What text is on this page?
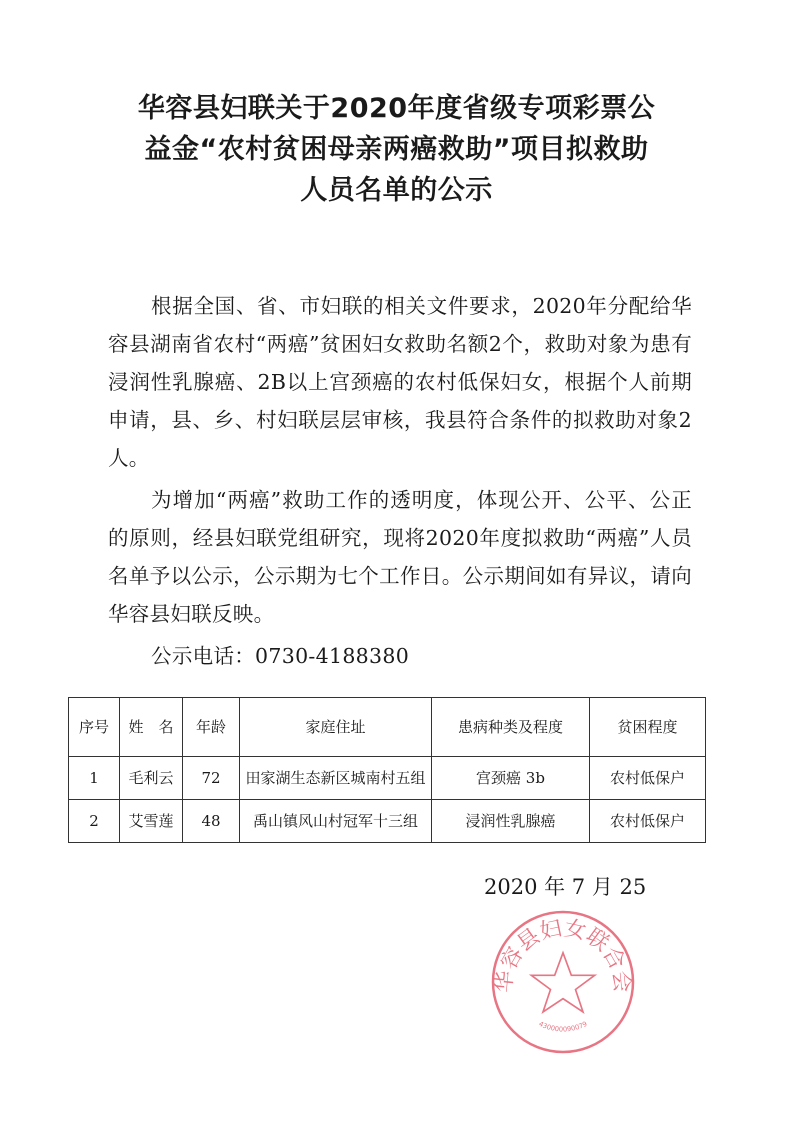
华容县妇联关于2020年度省级专项彩票公
益金“农村贫困母亲两癌救助”项目拟救助
人员名单的公示
根据全国、省、市妇联的相关文件要求，2020年分配给华容县湖南省农村“两癌”贫困妇女救助名额2个，救助对象为患有浸润性乳腺癌、2B以上宫颈癌的农村低保妇女，根据个人前期申请，县、乡、村妇联层层审核，我县符合条件的拟救助对象2人。
为增加“两癌”救助工作的透明度，体现公开、公平、公正的原则，经县妇联党组研究，现将2020年度拟救助“两癌”人员名单予以公示，公示期为七个工作日。公示期间如有异议，请向华容县妇联反映。
公示电话：0730-4188380
序号	姓　名	年龄	家庭住址	患病种类及程度	贫困程度
1	毛利云	72	田家湖生态新区城南村五组	宫颈癌 3b	农村低保户
2	艾雪莲	48	禹山镇风山村冠军十三组	浸润性乳腺癌	农村低保户
2020 年 7 月 25
华容县妇女联合会
430000090079
